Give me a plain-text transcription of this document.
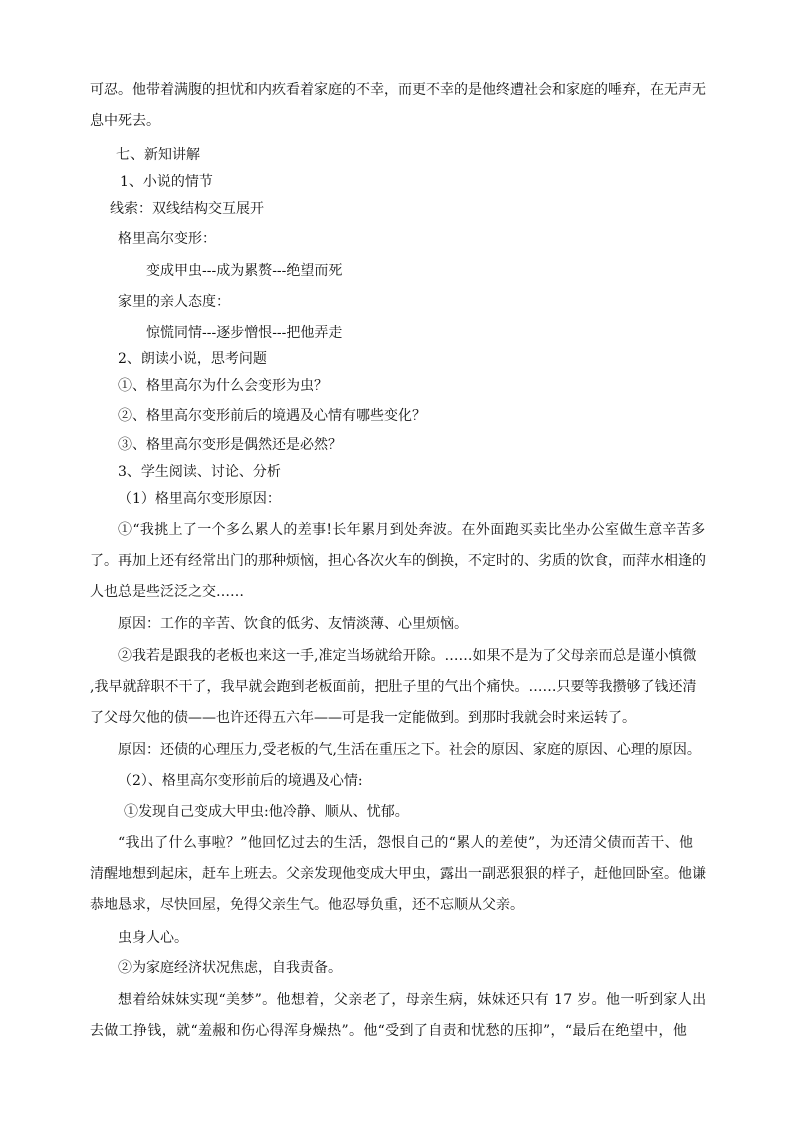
可忍。他带着满腹的担忧和内疚看着家庭的不幸，而更不幸的是他终遭社会和家庭的唾弃，在无声无

息中死去。

七、新知讲解

1、小说的情节

线索：双线结构交互展开

格里高尔变形：

变成甲虫---成为累赘---绝望而死

家里的亲人态度：

惊慌同情---逐步憎恨---把他弄走

2、朗读小说，思考问题

①、格里高尔为什么会变形为虫？

②、格里高尔变形前后的境遇及心情有哪些变化？

③、格里高尔变形是偶然还是必然？

3、学生阅读、讨论、分析

（1）格里高尔变形原因：

①“我挑上了一个多么累人的差事!长年累月到处奔波。在外面跑买卖比坐办公室做生意辛苦多

了。再加上还有经常出门的那种烦恼，担心各次火车的倒换，不定时的、劣质的饮食，而萍水相逢的

人也总是些泛泛之交……

原因：工作的辛苦、饮食的低劣、友情淡薄、心里烦恼。

②我若是跟我的老板也来这一手,准定当场就给开除。……如果不是为了父母亲而总是谨小慎微

,我早就辞职不干了，我早就会跑到老板面前，把肚子里的气出个痛快。……只要等我攒够了钱还清

了父母欠他的债——也许还得五六年——可是我一定能做到。到那时我就会时来运转了。

原因：还债的心理压力,受老板的气,生活在重压之下。社会的原因、家庭的原因、心理的原因。

（2）、格里高尔变形前后的境遇及心情:

①发现自己变成大甲虫:他冷静、顺从、忧郁。

“我出了什么事啦？”他回忆过去的生活，怨恨自己的“累人的差使”，为还清父债而苦干、他

清醒地想到起床，赶车上班去。父亲发现他变成大甲虫，露出一副恶狠狠的样子，赶他回卧室。他谦

恭地恳求，尽快回屋，免得父亲生气。他忍辱负重，还不忘顺从父亲。

虫身人心。

②为家庭经济状况焦虑，自我责备。

想着给妹妹实现“美梦”。他想着，父亲老了，母亲生病，妹妹还只有 17 岁。他一听到家人出

去做工挣钱，就“羞赧和伤心得浑身燥热”。他“受到了自责和忧愁的压抑”，“最后在绝望中，他
